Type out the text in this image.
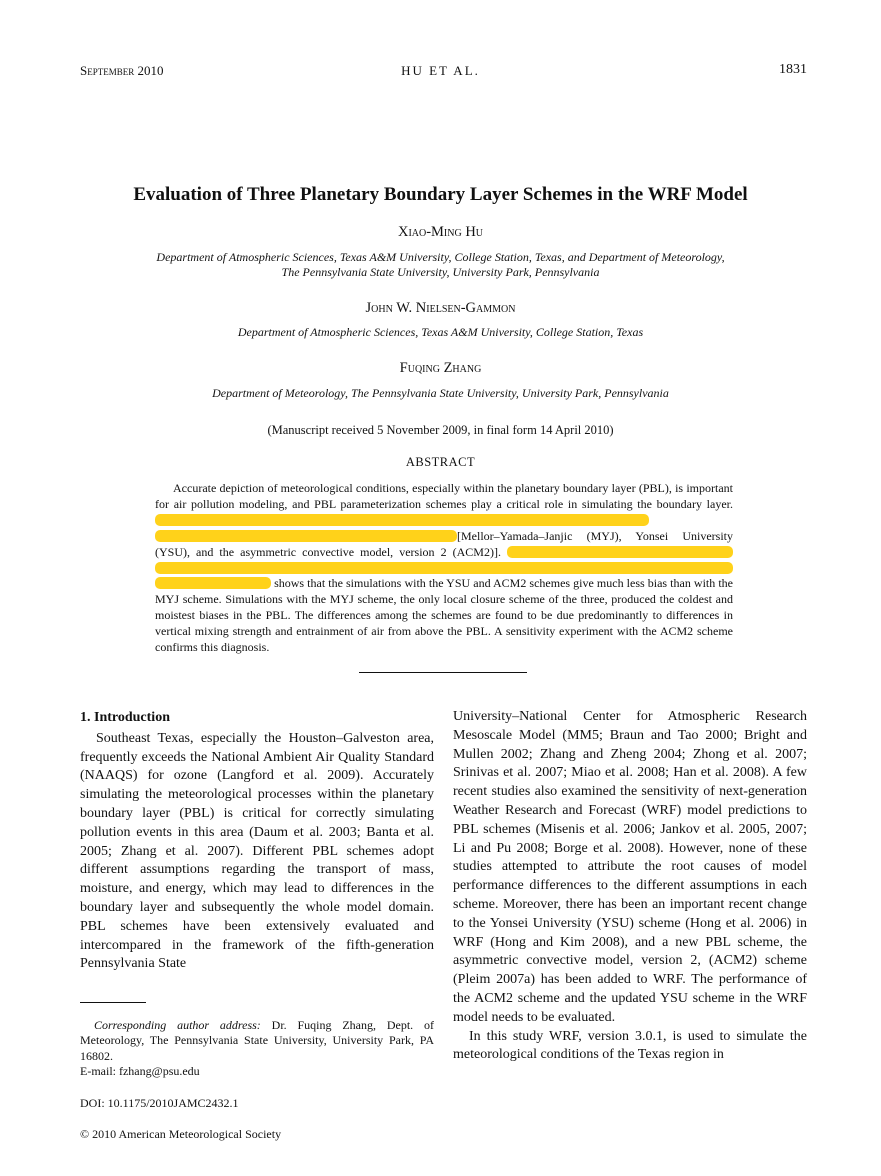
September 2010	HU ET AL.	1831
Evaluation of Three Planetary Boundary Layer Schemes in the WRF Model
Xiao-Ming Hu
Department of Atmospheric Sciences, Texas A&M University, College Station, Texas, and Department of Meteorology,
The Pennsylvania State University, University Park, Pennsylvania
John W. Nielsen-Gammon
Department of Atmospheric Sciences, Texas A&M University, College Station, Texas
Fuqing Zhang
Department of Meteorology, The Pennsylvania State University, University Park, Pennsylvania
(Manuscript received 5 November 2009, in final form 14 April 2010)
ABSTRACT

Accurate depiction of meteorological conditions, especially within the planetary boundary layer (PBL), is important for air pollution modeling, and PBL parameterization schemes play a critical role in simulating the boundary layer. [Mellor–Yamada–Janjic (MYJ), Yonsei University (YSU), and the asymmetric convective model, version 2 (ACM2)].    shows that the simulations with the YSU and ACM2 schemes give much less bias than with the MYJ scheme. Simulations with the MYJ scheme, the only local closure scheme of the three, produced the coldest and moistest biases in the PBL. The differences among the schemes are found to be due predominantly to differences in vertical mixing strength and entrainment of air from above the PBL. A sensitivity experiment with the ACM2 scheme confirms this diagnosis.

1. Introduction

Southeast Texas, especially the Houston–Galveston area, frequently exceeds the National Ambient Air Quality Standard (NAAQS) for ozone (Langford et al. 2009). Accurately simulating the meteorological processes within the planetary boundary layer (PBL) is critical for correctly simulating pollution events in this area (Daum et al. 2003; Banta et al. 2005; Zhang et al. 2007). Different PBL schemes adopt different assumptions regarding the transport of mass, moisture, and energy, which may lead to differences in the boundary layer and subsequently the whole model domain. PBL schemes have been extensively evaluated and intercompared in the framework of the fifth-generation Pennsylvania State

Corresponding author address: Dr. Fuqing Zhang, Dept. of Meteorology, The Pennsylvania State University, University Park, PA 16802.
E-mail: fzhang@psu.edu
DOI: 10.1175/2010JAMC2432.1
© 2010 American Meteorological Society

University–National Center for Atmospheric Research Mesoscale Model (MM5; Braun and Tao 2000; Bright and Mullen 2002; Zhang and Zheng 2004; Zhong et al. 2007; Srinivas et al. 2007; Miao et al. 2008; Han et al. 2008). A few recent studies also examined the sensitivity of next-generation Weather Research and Forecast (WRF) model predictions to PBL schemes (Misenis et al. 2006; Jankov et al. 2005, 2007; Li and Pu 2008; Borge et al. 2008). However, none of these studies attempted to attribute the root causes of model performance differences to the different assumptions in each scheme. Moreover, there has been an important recent change to the Yonsei University (YSU) scheme (Hong et al. 2006) in WRF (Hong and Kim 2008), and a new PBL scheme, the asymmetric convective model, version 2, (ACM2) scheme (Pleim 2007a) has been added to WRF. The performance of the ACM2 scheme and the updated YSU scheme in the WRF model needs to be evaluated.

In this study WRF, version 3.0.1, is used to simulate the meteorological conditions of the Texas region in
